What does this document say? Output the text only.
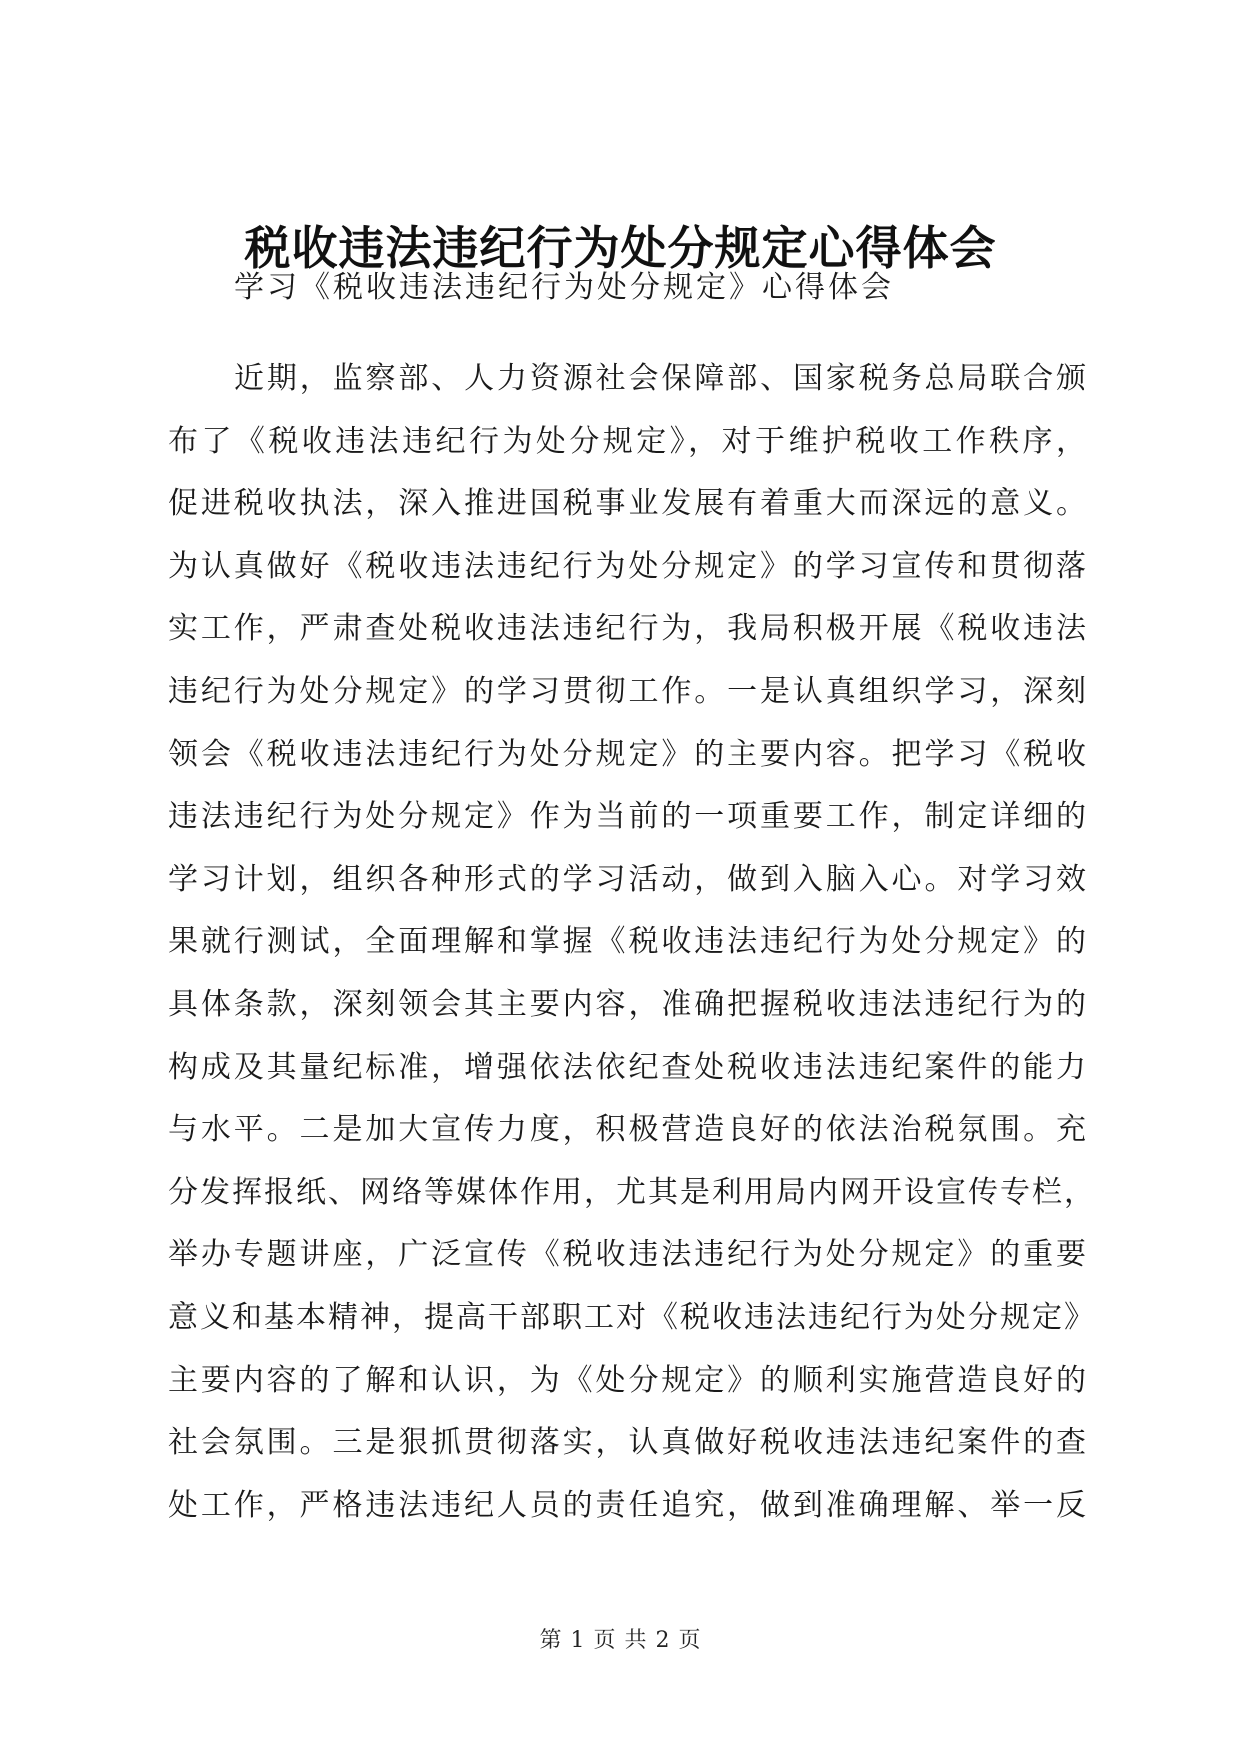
税收违法违纪行为处分规定心得体会
学习《税收违法违纪行为处分规定》心得体会
近期，监察部、人力资源社会保障部、国家税务总局联合颁
布了《税收违法违纪行为处分规定》，对于维护税收工作秩序，
促进税收执法，深入推进国税事业发展有着重大而深远的意义。
为认真做好《税收违法违纪行为处分规定》的学习宣传和贯彻落
实工作，严肃查处税收违法违纪行为，我局积极开展《税收违法
违纪行为处分规定》的学习贯彻工作。一是认真组织学习，深刻
领会《税收违法违纪行为处分规定》的主要内容。把学习《税收
违法违纪行为处分规定》作为当前的一项重要工作，制定详细的
学习计划，组织各种形式的学习活动，做到入脑入心。对学习效
果就行测试，全面理解和掌握《税收违法违纪行为处分规定》的
具体条款，深刻领会其主要内容，准确把握税收违法违纪行为的
构成及其量纪标准，增强依法依纪查处税收违法违纪案件的能力
与水平。二是加大宣传力度，积极营造良好的依法治税氛围。充
分发挥报纸、网络等媒体作用，尤其是利用局内网开设宣传专栏，
举办专题讲座，广泛宣传《税收违法违纪行为处分规定》的重要
意义和基本精神，提高干部职工对《税收违法违纪行为处分规定》
主要内容的了解和认识，为《处分规定》的顺利实施营造良好的
社会氛围。三是狠抓贯彻落实，认真做好税收违法违纪案件的查
处工作，严格违法违纪人员的责任追究，做到准确理解、举一反
第 1 页 共 2 页
